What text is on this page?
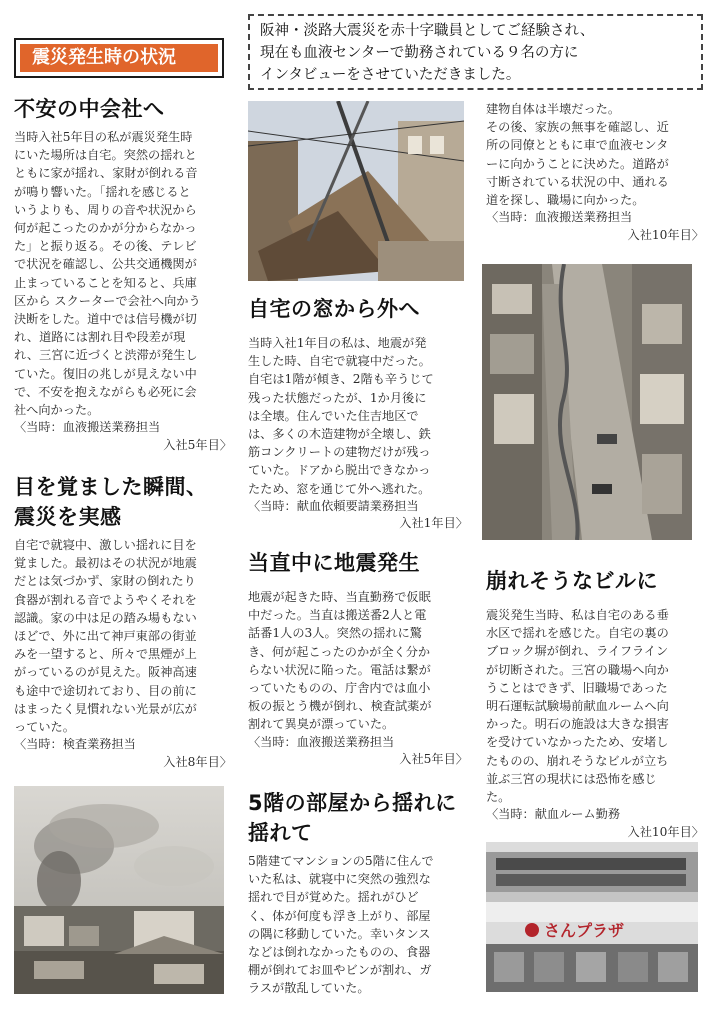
震災発生時の状況
阪神・淡路大震災を赤十字職員としてご経験され、
現在も血液センターで勤務されている９名の方に
インタビューをさせていただきました。
不安の中会社へ
当時入社5年目の私が震災発生時
にいた場所は自宅。突然の揺れと
ともに家が揺れ、家財が倒れる音
が鳴り響いた。「揺れを感じると
いうよりも、周りの音や状況から
何が起こったのかが分からなかっ
た」と振り返る。その後、テレビ
で状況を確認し、公共交通機関が
止まっていることを知ると、兵庫
区から スクーターで会社へ向かう
決断をした。道中では信号機が切
れ、道路には割れ目や段差が現
れ、三宮に近づくと渋滞が発生し
ていた。復旧の兆しが見えない中
で、不安を抱えながらも必死に会
社へ向かった。
〈当時：血液搬送業務担当
入社5年目〉
目を覚ました瞬間、
震災を実感
自宅で就寝中、激しい揺れに目を
覚ました。最初はその状況が地震
だとは気づかず、家財の倒れたり
食器が割れる音でようやくそれを
認識。家の中は足の踏み場もない
ほどで、外に出て神戸東部の街並
みを一望すると、所々で黒煙が上
がっているのが見えた。阪神高速
も途中で途切れており、目の前に
はまったく見慣れない光景が広が
っていた。
〈当時：検査業務担当
入社8年目〉
自宅の窓から外へ
当時入社1年目の私は、地震が発
生した時、自宅で就寝中だった。
自宅は1階が傾き、2階も辛うじて
残った状態だったが、1か月後に
は全壊。住んでいた住吉地区で
は、多くの木造建物が全壊し、鉄
筋コンクリートの建物だけが残っ
ていた。ドアから脱出できなかっ
たため、窓を通じて外へ逃れた。
〈当時：献血依頼要請業務担当
入社1年目〉
当直中に地震発生
地震が起きた時、当直勤務で仮眠
中だった。当直は搬送番2人と電
話番1人の3人。突然の揺れに驚
き、何が起こったのかが全く分か
らない状況に陥った。電話は繋が
っていたものの、庁舎内では血小
板の振とう機が倒れ、検査試薬が
割れて異臭が漂っていた。
〈当時：血液搬送業務担当
入社5年目〉
5階の部屋から揺れに
揺れて
5階建てマンションの5階に住んで
いた私は、就寝中に突然の強烈な
揺れで目が覚めた。揺れがひど
く、体が何度も浮き上がり、部屋
の隅に移動していた。幸いタンス
などは倒れなかったものの、食器
棚が倒れてお皿やビンが割れ、ガ
ラスが散乱していた。
建物自体は半壊だった。
その後、家族の無事を確認し、近
所の同僚とともに車で血液センタ
ーに向かうことに決めた。道路が
寸断されている状況の中、通れる
道を探し、職場に向かった。
〈当時：血液搬送業務担当
入社10年目〉
崩れそうなビルに
震災発生当時、私は自宅のある垂
水区で揺れを感じた。自宅の裏の
ブロック塀が倒れ、ライフライン
が切断された。三宮の職場へ向か
うことはできず、旧職場であった
明石運転試験場前献血ルームへ向
かった。明石の施設は大きな損害
を受けていなかったため、安堵し
たものの、崩れそうなビルが立ち
並ぶ三宮の現状には恐怖を感じ
た。
〈当時：献血ルーム勤務
入社10年目〉
さんプラザ
